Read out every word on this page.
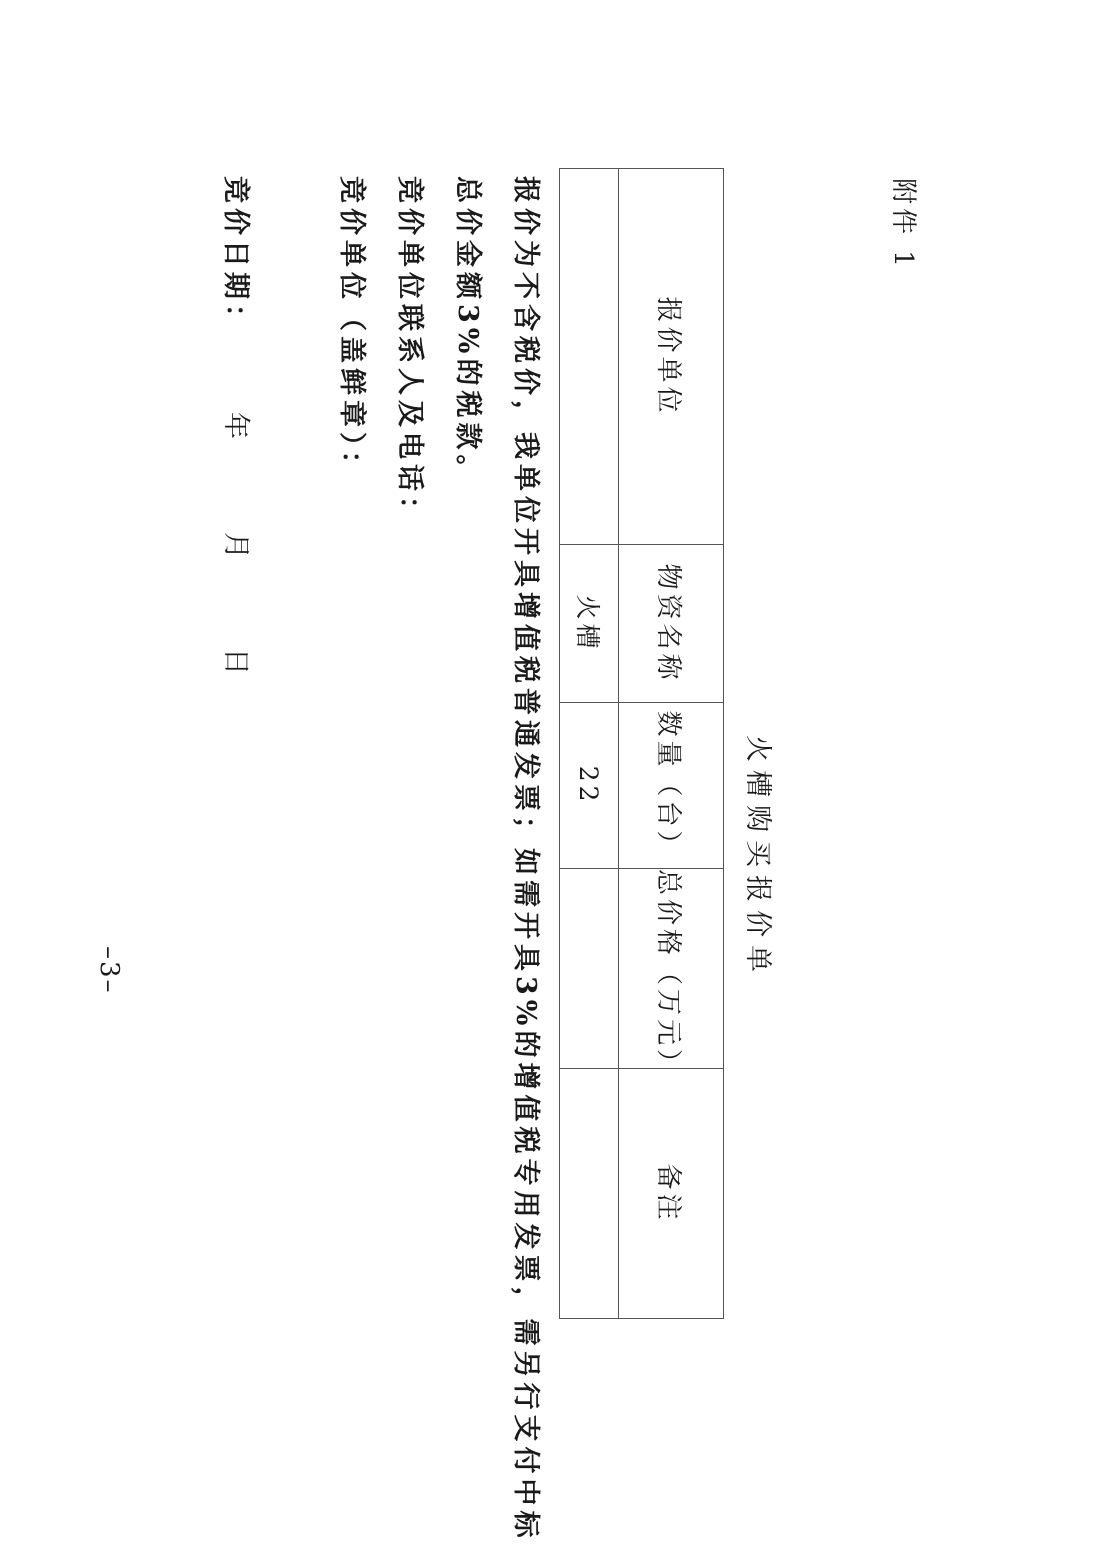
附件 1
火槽购买报价单
报价单位	物资名称	数量（台）	总价格（万元）	备注
	火槽	22		
报价为不含税价，我单位开具增值税普通发票；如需开具3%的增值税专用发票，需另行支付中标总价金额3%的税款。
竞价单位联系人及电话：
竞价单位（盖鲜章）：
竞价日期：
年
月
日
–3–
